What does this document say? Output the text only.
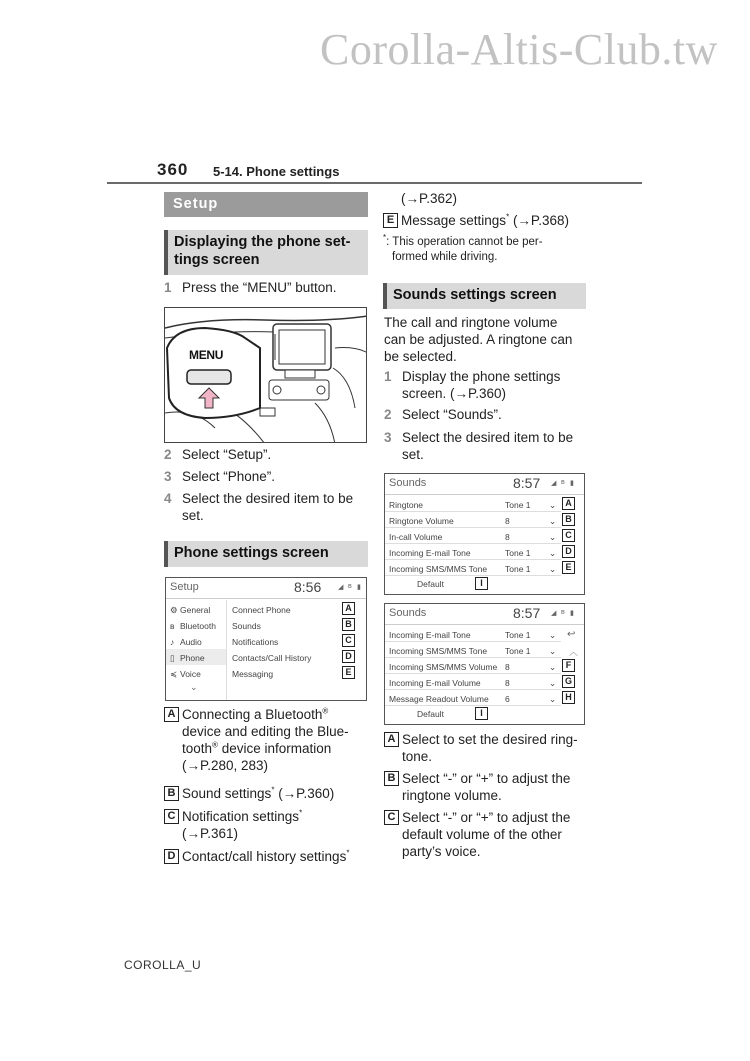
Corolla-Altis-Club.tw
360 5-14. Phone settings
Setup
Displaying the phone set-
tings screen
1 Press the “MENU” button.
MENU
2 Select “Setup”.
3 Select “Phone”.
4 Select the desired item to be
set.
Phone settings screen
Setup	8:56 ◢ ʙ ▮
⚙ General	Connect Phone	A
ʙ Bluetooth Sounds	B
♪ Audio	Notifications	C
▯ Phone	Contacts/Call History	D
≼ Voice	Messaging	E
⌄
A Connecting a Bluetooth®
device and editing the Blue-
tooth® device information
(→P.280, 283)
B Sound settings* (→P.360)
C Notification settings*
(→P.361)
D Contact/call history settings*
(→P.362)
E Message settings* (→P.368)
*: This operation cannot be per-
formed while driving.
Sounds settings screen
The call and ringtone volume
can be adjusted. A ringtone can
be selected.
1 Display the phone settings
screen. (→P.360)
2 Select “Sounds”.
3 Select the desired item to be
set.
Sounds	8:57 ◢ ʙ ▮
Ringtone	Tone 1 ⌄	A
Ringtone Volume	8	⌄	B
In-call Volume	8	⌄	C
Incoming E-mail Tone	Tone 1 ⌄	D
Incoming SMS/MMS Tone Tone 1 ⌄	E
Default	I
Sounds	8:57 ◢ ʙ ▮
Incoming E-mail Tone	Tone 1 ⌄ ↩
Incoming SMS/MMS Tone Tone 1 ⌄ ︿
Incoming SMS/MMS Volume 8	⌄	F
Incoming E-mail Volume	8	⌄ G
Message Readout Volume 6	⌄	H
Default	I
A Select to set the desired ring-
tone.
B Select “-” or “+” to adjust the
ringtone volume.
C Select “-” or “+” to adjust the
default volume of the other
party’s voice.
COROLLA_U
